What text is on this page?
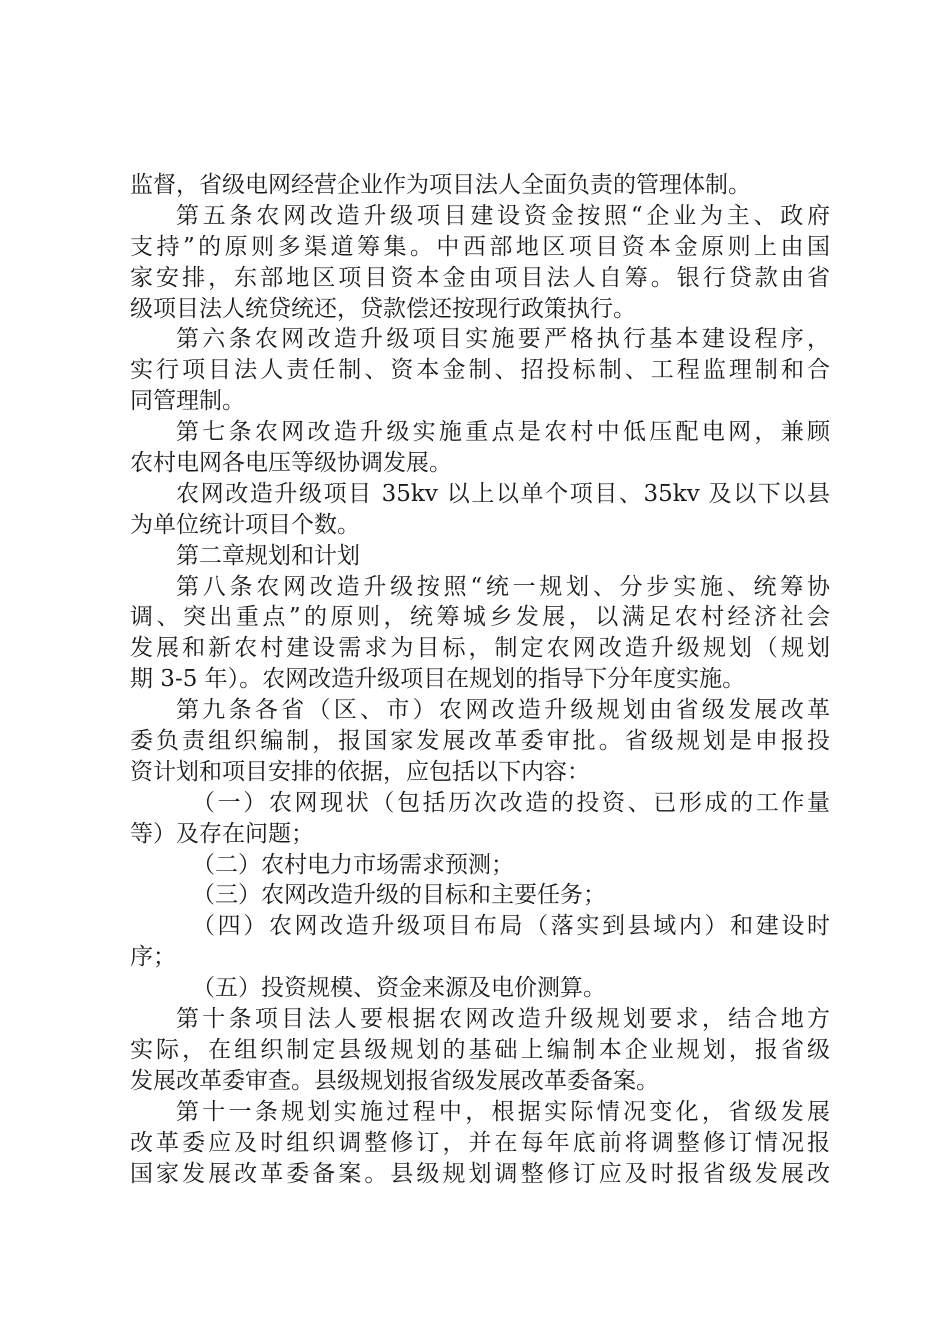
监督，省级电网经营企业作为项目法人全面负责的管理体制。
第五条农网改造升级项目建设资金按照“企业为主、政府
支持”的原则多渠道筹集。中西部地区项目资本金原则上由国
家安排，东部地区项目资本金由项目法人自筹。银行贷款由省
级项目法人统贷统还，贷款偿还按现行政策执行。
第六条农网改造升级项目实施要严格执行基本建设程序，
实行项目法人责任制、资本金制、招投标制、工程监理制和合
同管理制。
第七条农网改造升级实施重点是农村中低压配电网，兼顾
农村电网各电压等级协调发展。
农网改造升级项目 35kv 以上以单个项目、35kv 及以下以县
为单位统计项目个数。
第二章规划和计划
第八条农网改造升级按照“统一规划、分步实施、统筹协
调、突出重点”的原则，统筹城乡发展，以满足农村经济社会
发展和新农村建设需求为目标，制定农网改造升级规划（规划
期 3-5 年）。农网改造升级项目在规划的指导下分年度实施。
第九条各省（区、市）农网改造升级规划由省级发展改革
委负责组织编制，报国家发展改革委审批。省级规划是申报投
资计划和项目安排的依据，应包括以下内容：
（一）农网现状（包括历次改造的投资、已形成的工作量
等）及存在问题；
（二）农村电力市场需求预测；
（三）农网改造升级的目标和主要任务；
（四）农网改造升级项目布局（落实到县域内）和建设时
序；
（五）投资规模、资金来源及电价测算。
第十条项目法人要根据农网改造升级规划要求，结合地方
实际，在组织制定县级规划的基础上编制本企业规划，报省级
发展改革委审查。县级规划报省级发展改革委备案。
第十一条规划实施过程中，根据实际情况变化，省级发展
改革委应及时组织调整修订，并在每年底前将调整修订情况报
国家发展改革委备案。县级规划调整修订应及时报省级发展改
